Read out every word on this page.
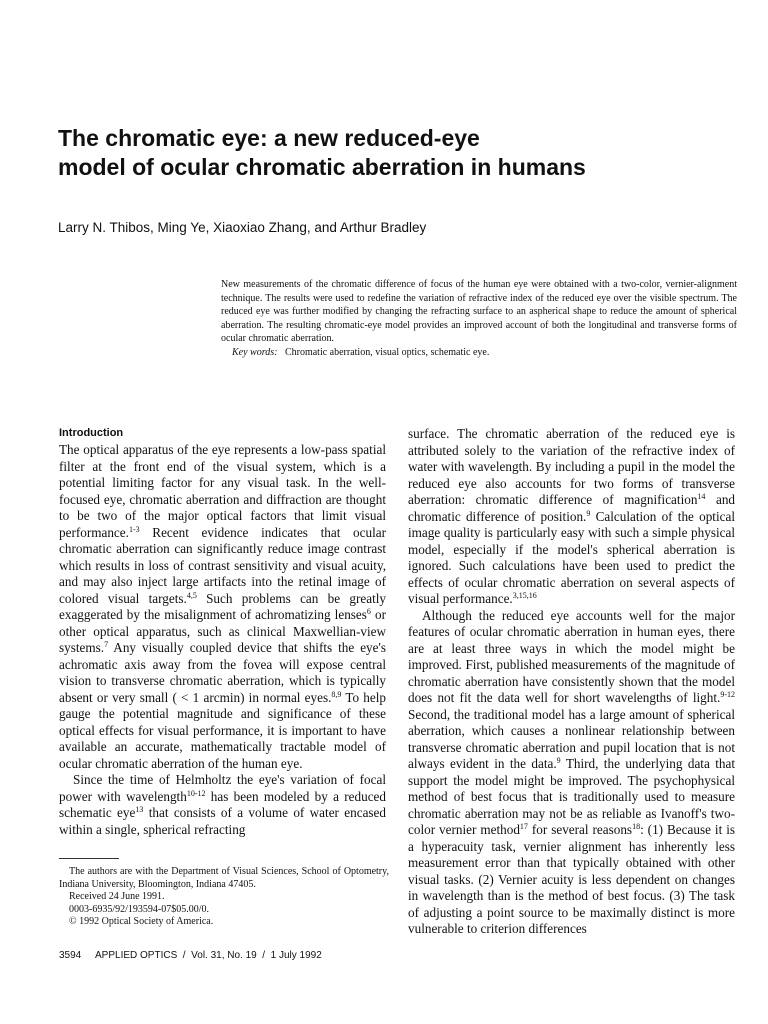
The chromatic eye: a new reduced-eye
model of ocular chromatic aberration in humans
Larry N. Thibos, Ming Ye, Xiaoxiao Zhang, and Arthur Bradley

New measurements of the chromatic difference of focus of the human eye were obtained with a two-color, vernier-alignment technique. The results were used to redefine the variation of refractive index of the reduced eye over the visible spectrum. The reduced eye was further modified by changing the refracting surface to an aspherical shape to reduce the amount of spherical aberration. The resulting chromatic-eye model provides an improved account of both the longitudinal and transverse forms of ocular chromatic aberration.

Key words: Chromatic aberration, visual optics, schematic eye.

Introduction

The optical apparatus of the eye represents a low-pass spatial filter at the front end of the visual system, which is a potential limiting factor for any visual task. In the well-focused eye, chromatic aberration and diffraction are thought to be two of the major optical factors that limit visual performance.$^{1-3}$ Recent evidence indicates that ocular chromatic aberration can significantly reduce image contrast which results in loss of contrast sensitivity and visual acuity, and may also inject large artifacts into the retinal image of colored visual targets.$^{4,5}$ Such problems can be greatly exaggerated by the misalignment of achromatizing lenses$^6$ or other optical apparatus, such as clinical Maxwellian-view systems.$^7$ Any visually coupled device that shifts the eye's achromatic axis away from the fovea will expose central vision to transverse chromatic aberration, which is typically absent or very small ( < 1 arcmin) in normal eyes.$^{8,9}$ To help gauge the potential magnitude and significance of these optical effects for visual performance, it is important to have available an accurate, mathematically tractable model of ocular chromatic aberration of the human eye.

Since the time of Helmholtz the eye's variation of focal power with wavelength$^{10-12}$ has been modeled by a reduced schematic eye$^{13}$ that consists of a volume of water encased within a single, spherical refracting

surface. The chromatic aberration of the reduced eye is attributed solely to the variation of the refractive index of water with wavelength. By including a pupil in the model the reduced eye also accounts for two forms of transverse aberration: chromatic difference of magnification$^{14}$ and chromatic difference of position.$^9$ Calculation of the optical image quality is particularly easy with such a simple physical model, especially if the model's spherical aberration is ignored. Such calculations have been used to predict the effects of ocular chromatic aberration on several aspects of visual performance.$^{3,15,16}$

Although the reduced eye accounts well for the major features of ocular chromatic aberration in human eyes, there are at least three ways in which the model might be improved. First, published measurements of the magnitude of chromatic aberration have consistently shown that the model does not fit the data well for short wavelengths of light.$^{9-12}$ Second, the traditional model has a large amount of spherical aberration, which causes a nonlinear relationship between transverse chromatic aberration and pupil location that is not always evident in the data.$^9$ Third, the underlying data that support the model might be improved. The psychophysical method of best focus that is traditionally used to measure chromatic aberration may not be as reliable as Ivanoff's two-color vernier method$^{17}$ for several reasons$^{18}$: (1) Because it is a hyperacuity task, vernier alignment has inherently less measurement error than that typically obtained with other visual tasks. (2) Vernier acuity is less dependent on changes in wavelength than is the method of best focus. (3) The task of adjusting a point source to be maximally distinct is more vulnerable to criterion differences

The authors are with the Department of Visual Sciences, School of Optometry, Indiana University, Bloomington, Indiana 47405.

Received 24 June 1991.

0003-6935/92/193594-07$05.00/0.

© 1992 Optical Society of America.

3594 APPLIED OPTICS  /  Vol. 31, No. 19  /  1 July 1992
